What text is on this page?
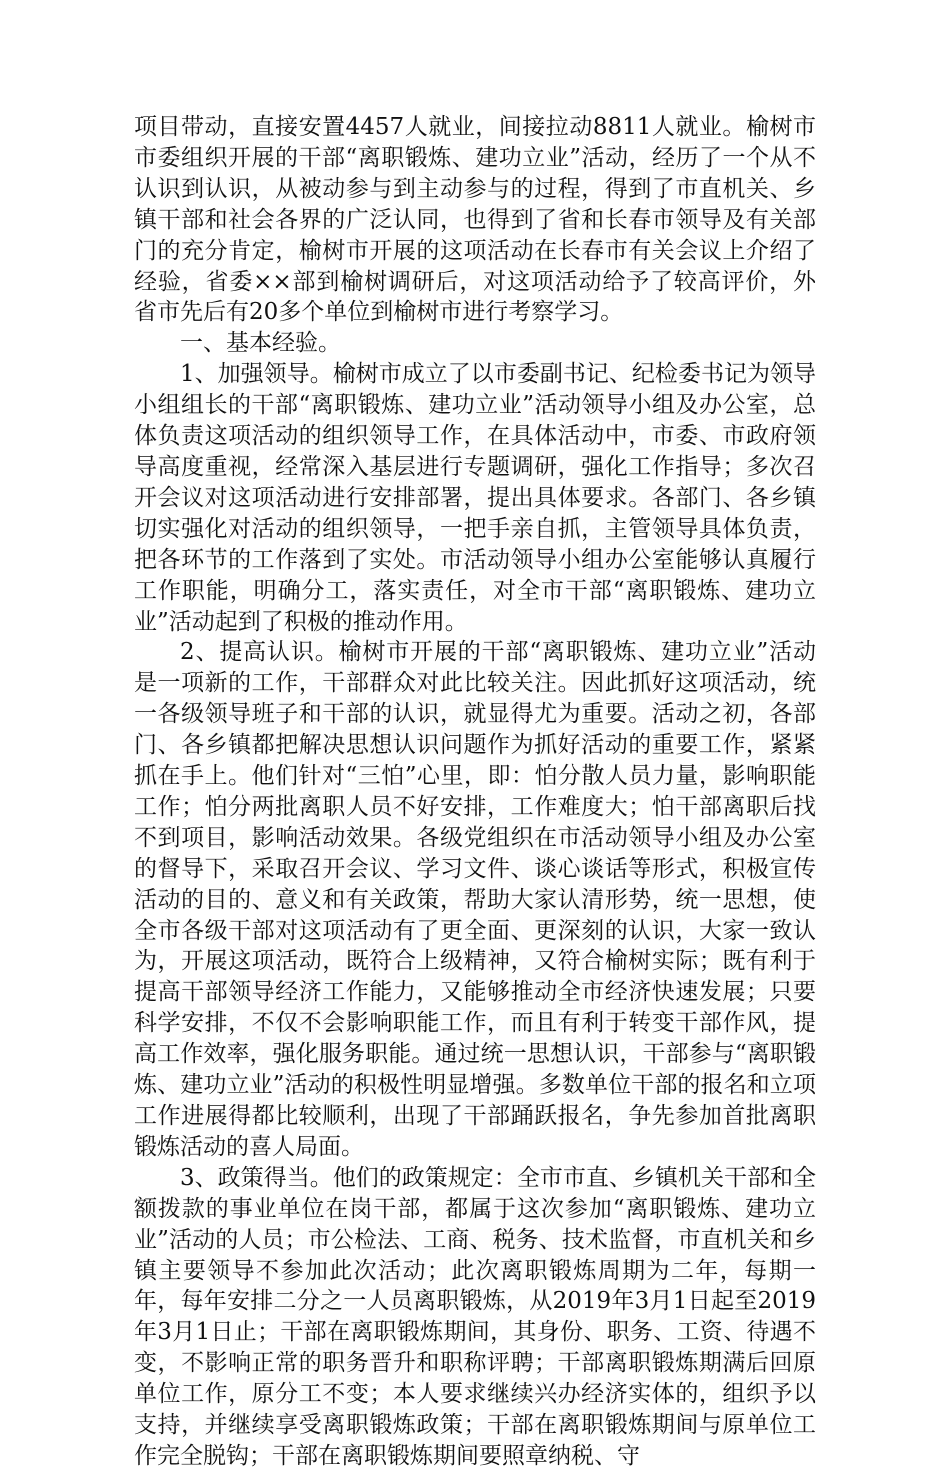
项目带动，直接安置4457人就业，间接拉动8811人就业。榆树市市委组织开展的干部“离职锻炼、建功立业”活动，经历了一个从不认识到认识，从被动参与到主动参与的过程，得到了市直机关、乡镇干部和社会各界的广泛认同，也得到了省和长春市领导及有关部门的充分肯定，榆树市开展的这项活动在长春市有关会议上介绍了经验，省委××部到榆树调研后，对这项活动给予了较高评价，外省市先后有20多个单位到榆树市进行考察学习。

一、基本经验。

1、加强领导。榆树市成立了以市委副书记、纪检委书记为领导小组组长的干部“离职锻炼、建功立业”活动领导小组及办公室，总体负责这项活动的组织领导工作，在具体活动中，市委、市政府领导高度重视，经常深入基层进行专题调研，强化工作指导；多次召开会议对这项活动进行安排部署，提出具体要求。各部门、各乡镇切实强化对活动的组织领导，一把手亲自抓，主管领导具体负责，把各环节的工作落到了实处。市活动领导小组办公室能够认真履行工作职能，明确分工，落实责任，对全市干部“离职锻炼、建功立业”活动起到了积极的推动作用。

2、提高认识。榆树市开展的干部“离职锻炼、建功立业”活动是一项新的工作，干部群众对此比较关注。因此抓好这项活动，统一各级领导班子和干部的认识，就显得尤为重要。活动之初，各部门、各乡镇都把解决思想认识问题作为抓好活动的重要工作，紧紧抓在手上。他们针对“三怕”心里，即：怕分散人员力量，影响职能工作；怕分两批离职人员不好安排，工作难度大；怕干部离职后找不到项目，影响活动效果。各级党组织在市活动领导小组及办公室的督导下，采取召开会议、学习文件、谈心谈话等形式，积极宣传活动的目的、意义和有关政策，帮助大家认清形势，统一思想，使全市各级干部对这项活动有了更全面、更深刻的认识，大家一致认为，开展这项活动，既符合上级精神，又符合榆树实际；既有利于提高干部领导经济工作能力，又能够推动全市经济快速发展；只要科学安排，不仅不会影响职能工作，而且有利于转变干部作风，提高工作效率，强化服务职能。通过统一思想认识，干部参与“离职锻炼、建功立业”活动的积极性明显增强。多数单位干部的报名和立项工作进展得都比较顺利，出现了干部踊跃报名，争先参加首批离职锻炼活动的喜人局面。

3、政策得当。他们的政策规定：全市市直、乡镇机关干部和全额拨款的事业单位在岗干部，都属于这次参加“离职锻炼、建功立业”活动的人员；市公检法、工商、税务、技术监督，市直机关和乡镇主要领导不参加此次活动；此次离职锻炼周期为二年，每期一年，每年安排二分之一人员离职锻炼，从2019年3月1日起至2019年3月1日止；干部在离职锻炼期间，其身份、职务、工资、待遇不变，不影响正常的职务晋升和职称评聘；干部离职锻炼期满后回原单位工作，原分工不变；本人要求继续兴办经济实体的，组织予以支持，并继续享受离职锻炼政策；干部在离职锻炼期间与原单位工作完全脱钩；干部在离职锻炼期间要照章纳税、守
